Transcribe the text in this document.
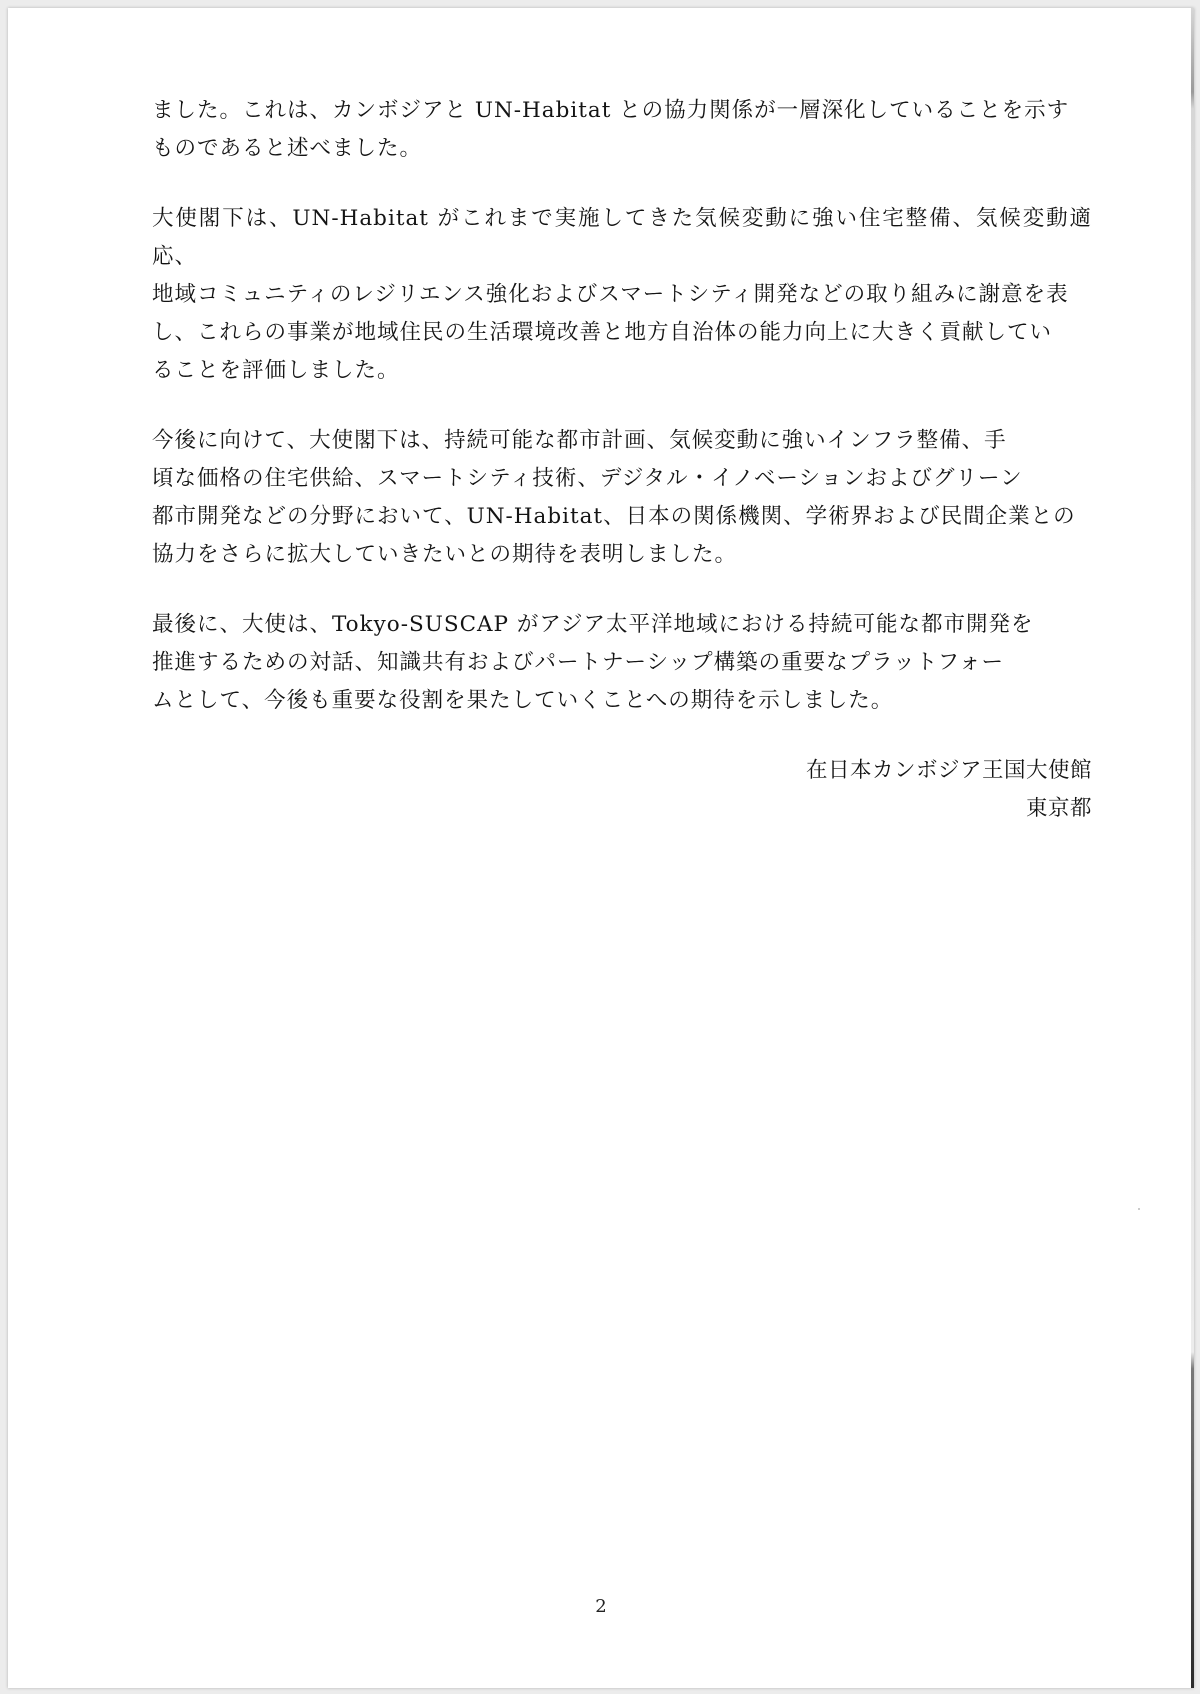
ました。これは、カンボジアと UN-Habitat との協力関係が一層深化していることを示す
ものであると述べました。

大使閣下は、UN-Habitat がこれまで実施してきた気候変動に強い住宅整備、気候変動適応、
地域コミュニティのレジリエンス強化およびスマートシティ開発などの取り組みに謝意を表
し、これらの事業が地域住民の生活環境改善と地方自治体の能力向上に大きく貢献してい
ることを評価しました。

今後に向けて、大使閣下は、持続可能な都市計画、気候変動に強いインフラ整備、手
頃な価格の住宅供給、スマートシティ技術、デジタル・イノベーションおよびグリーン
都市開発などの分野において、UN-Habitat、日本の関係機関、学術界および民間企業との
協力をさらに拡大していきたいとの期待を表明しました。

最後に、大使は、Tokyo-SUSCAP がアジア太平洋地域における持続可能な都市開発を
推進するための対話、知識共有およびパートナーシップ構築の重要なプラットフォー
ムとして、今後も重要な役割を果たしていくことへの期待を示しました。

在日本カンボジア王国大使館
東京都
2
